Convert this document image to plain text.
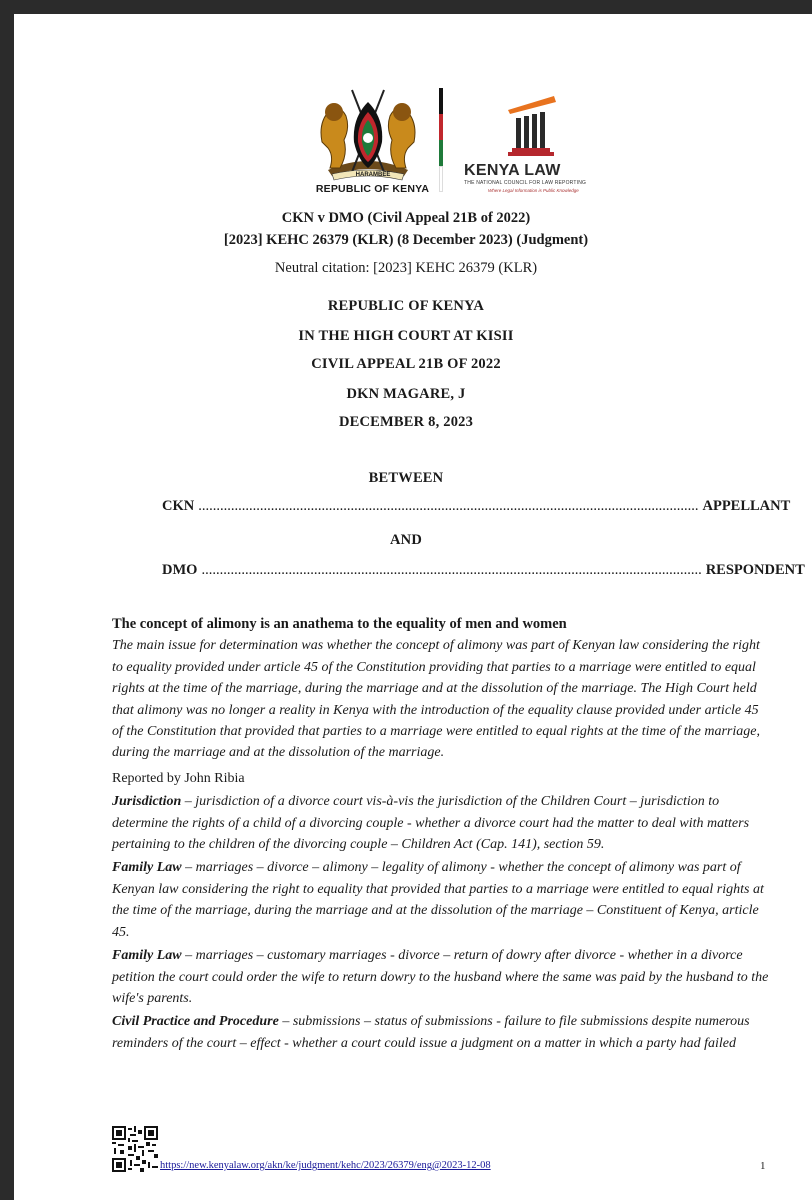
REPUBLIC OF KENYA
HARAMBEE	KENYA LAW
THE NATIONAL COUNCIL FOR LAW REPORTING
Where Legal Information is Public Knowledge
CKN v DMO (Civil Appeal 21B of 2022)
[2023] KEHC 26379 (KLR) (8 December 2023) (Judgment)
Neutral citation: [2023] KEHC 26379 (KLR)
REPUBLIC OF KENYA
IN THE HIGH COURT AT KISII
CIVIL APPEAL 21B OF 2022
DKN MAGARE, J
DECEMBER 8, 2023
BETWEEN
CKN .......................................................................................................................................... APPELLANT
AND
DMO .......................................................................................................................................... RESPONDENT
The concept of alimony is an anathema to the equality of men and women
The main issue for determination was whether the concept of alimony was part of Kenyan law considering the right to equality provided under article 45 of the Constitution providing that parties to a marriage were entitled to equal rights at the time of the marriage, during the marriage and at the dissolution of the marriage. The High Court held that alimony was no longer a reality in Kenya with the introduction of the equality clause provided under article 45 of the Constitution that provided that parties to a marriage were entitled to equal rights at the time of the marriage, during the marriage and at the dissolution of the marriage.
Reported by John Ribia
Jurisdiction – jurisdiction of a divorce court vis-à-vis the jurisdiction of the Children Court – jurisdiction to determine the rights of a child of a divorcing couple - whether a divorce court had the matter to deal with matters pertaining to the children of the divorcing couple – Children Act (Cap. 141), section 59.
Family Law – marriages – divorce – alimony – legality of alimony - whether the concept of alimony was part of Kenyan law considering the right to equality that provided that parties to a marriage were entitled to equal rights at the time of the marriage, during the marriage and at the dissolution of the marriage – Constituent of Kenya, article 45.
Family Law – marriages – customary marriages - divorce – return of dowry after divorce - whether in a divorce petition the court could order the wife to return dowry to the husband where the same was paid by the husband to the wife's parents.
Civil Practice and Procedure – submissions – status of submissions - failure to file submissions despite numerous reminders of the court – effect - whether a court could issue a judgment on a matter in which a party had failed
https://new.kenyalaw.org/akn/ke/judgment/kehc/2023/26379/eng@2023-12-08	1
